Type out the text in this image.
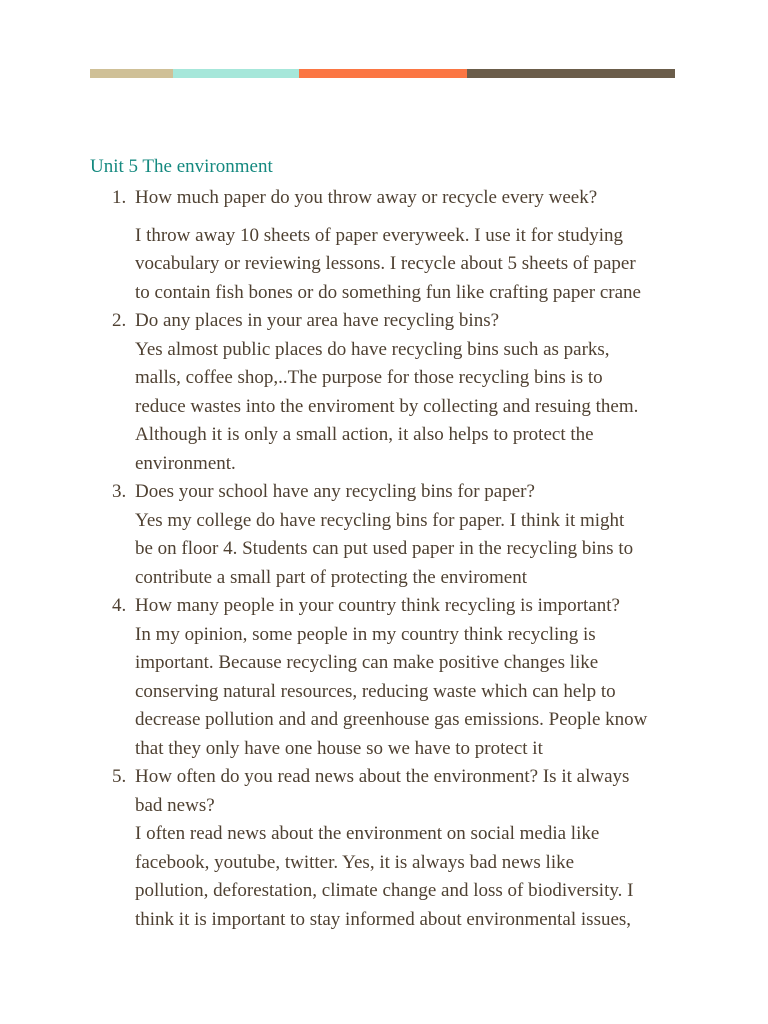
Unit 5 The environment
1. How much paper do you throw away or recycle every week?
I throw away 10 sheets of paper everyweek. I use it for studying
vocabulary or reviewing lessons. I recycle about 5 sheets of paper
to contain fish bones or do something fun like crafting paper crane
2. Do any places in your area have recycling bins?
Yes almost public places do have recycling bins such as parks,
malls, coffee shop,..The purpose for those recycling bins is to
reduce wastes into the enviroment by collecting and resuing them.
Although it is only a small action, it also helps to protect the
environment.
3. Does your school have any recycling bins for paper?
Yes my college do have recycling bins for paper. I think it might
be on floor 4. Students can put used paper in the recycling bins to
contribute a small part of protecting the enviroment
4. How many people in your country think recycling is important?
In my opinion, some people in my country think recycling is
important. Because recycling can make positive changes like
conserving natural resources, reducing waste which can help to
decrease pollution and and greenhouse gas emissions. People know
that they only have one house so we have to protect it
5. How often do you read news about the environment? Is it always
bad news?
I often read news about the environment on social media like
facebook, youtube, twitter. Yes, it is always bad news like
pollution, deforestation, climate change and loss of biodiversity. I
think it is important to stay informed about environmental issues,
